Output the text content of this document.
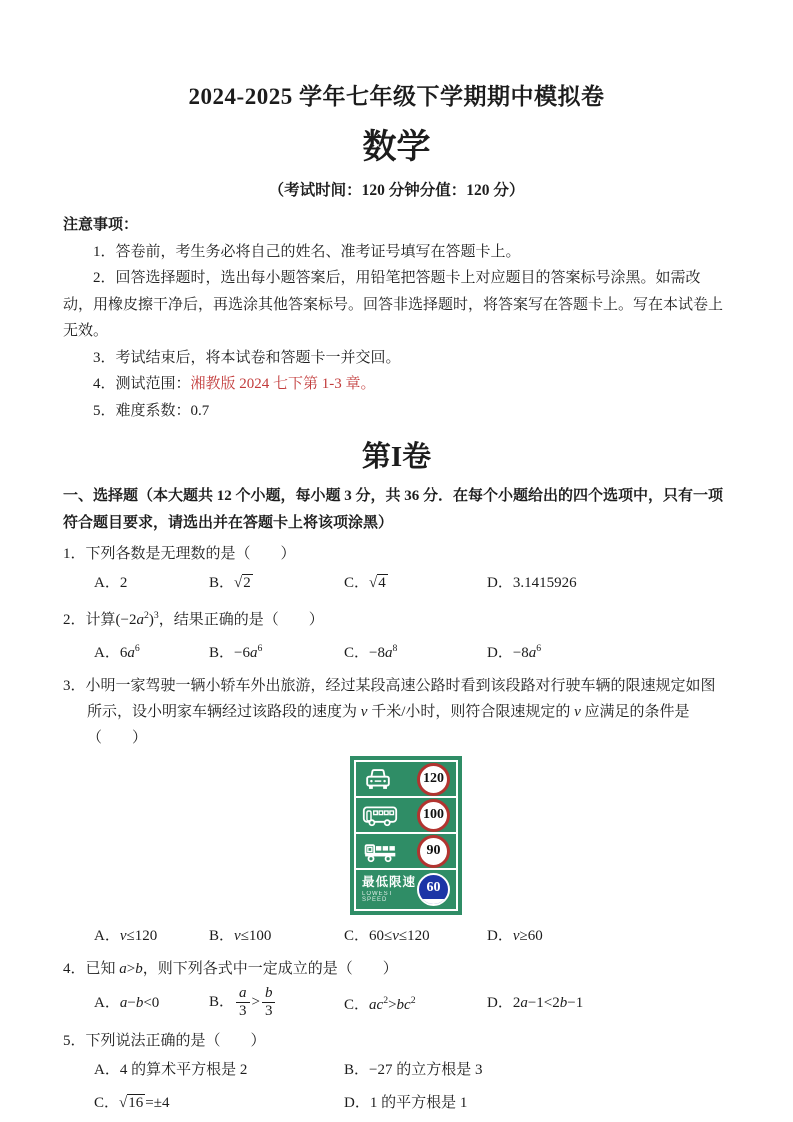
2024-2025 学年七年级下学期期中模拟卷
数学
（考试时间：120 分钟分值：120 分）

注意事项：

1．答卷前，考生务必将自己的姓名、准考证号填写在答题卡上。

2．回答选择题时，选出每小题答案后，用铅笔把答题卡上对应题目的答案标号涂黑。如需改动，用橡皮擦干净后，再选涂其他答案标号。回答非选择题时，将答案写在答题卡上。写在本试卷上无效。

3．考试结束后，将本试卷和答题卡一并交回。

4．测试范围：湘教版 2024 七下第 1-3 章。

5．难度系数：0.7

第I卷

一、选择题（本大题共 12 个小题，每小题 3 分，共 36 分．在每个小题给出的四个选项中，只有一项符合题目要求，请选出并在答题卡上将该项涂黑）

1．下列各数是无理数的是（　　）

A．2	B．√2	C．√4	D．3.1415926

2．计算$(-2a^2)^3$，结果正确的是（　　）

A．$6a^6$	B．$-6a^6$	C．$-8a^8$	D．$-8a^6$

3．小明一家驾驶一辆小轿车外出旅游，经过某段高速公路时看到该段路对行驶车辆的限速规定如图所示，设小明家车辆经过该路段的速度为 v 千米/小时，则符合限速规定的 v 应满足的条件是（　　）

120
100
90
最低限速
LOWEST SPEED
60
A．v≤120	B．v≤100	C．60≤v≤120	D．v≥60

4．已知 a>b，则下列各式中一定成立的是（　　）

A．a−b<0	B． $\frac{a}{3} > \frac{b}{3}$	C．$ac^2>bc^2$	D．2a−1<2b−1

5．下列说法正确的是（　　）

A．4 的算术平方根是 2	B．−27 的立方根是 3
C．√16 =±4	D．1 的平方根是 1
